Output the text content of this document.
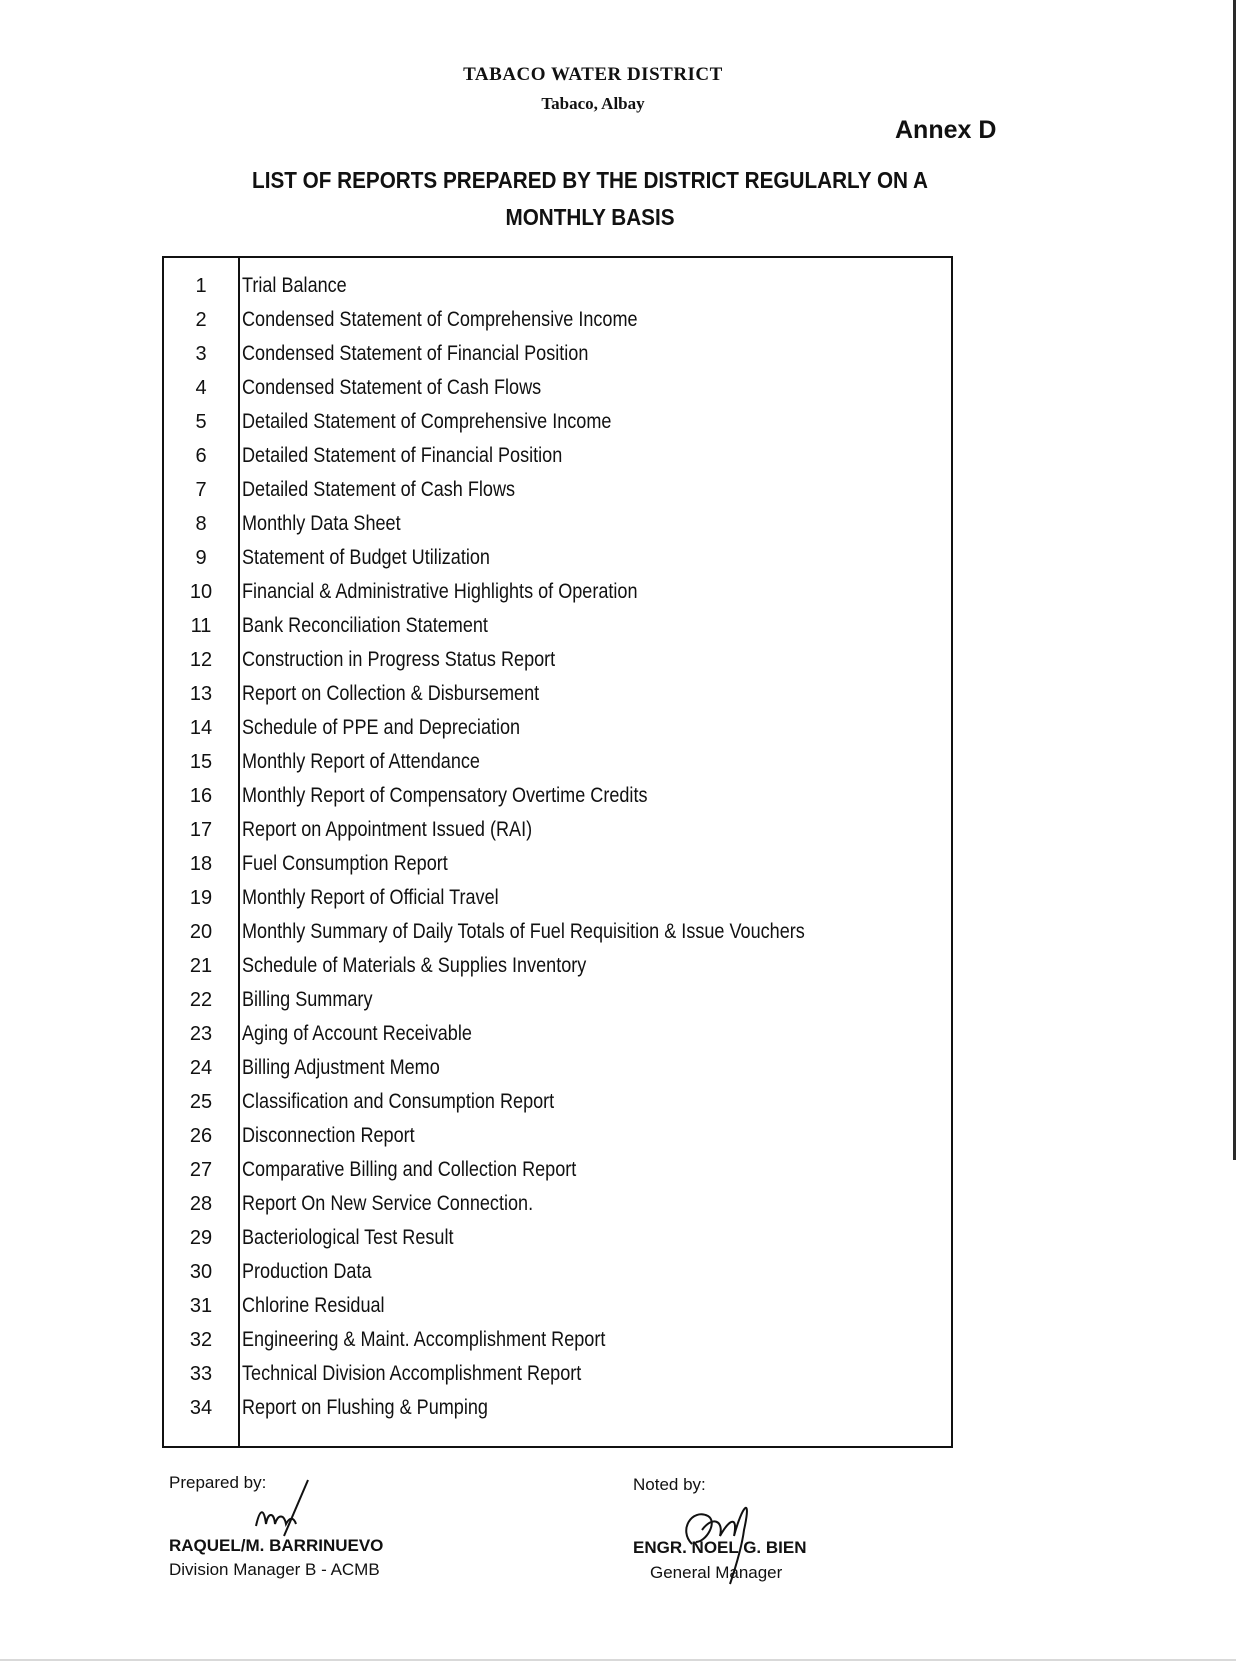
TABACO WATER DISTRICT
Tabaco, Albay
Annex D
LIST OF REPORTS PREPARED BY THE DISTRICT REGULARLY ON A
MONTHLY BASIS
1	Trial Balance
2	Condensed Statement of Comprehensive Income
3	Condensed Statement of Financial Position
4	Condensed Statement of Cash Flows
5	Detailed Statement of Comprehensive Income
6	Detailed Statement of Financial Position
7	Detailed Statement of Cash Flows
8	Monthly Data Sheet
9	Statement of Budget Utilization
10	Financial & Administrative Highlights of Operation
11	Bank Reconciliation Statement
12	Construction in Progress Status Report
13	Report on Collection & Disbursement
14	Schedule of PPE and Depreciation
15	Monthly Report of Attendance
16	Monthly Report of Compensatory Overtime Credits
17	Report on Appointment Issued (RAI)
18	Fuel Consumption Report
19	Monthly Report of Official Travel
20	Monthly Summary of Daily Totals of Fuel Requisition & Issue Vouchers
21	Schedule of Materials & Supplies Inventory
22	Billing Summary
23	Aging of Account Receivable
24	Billing Adjustment Memo
25	Classification and Consumption Report
26	Disconnection Report
27	Comparative Billing and Collection Report
28	Report On New Service Connection.
29	Bacteriological Test Result
30	Production Data
31	Chlorine Residual
32	Engineering & Maint. Accomplishment Report
33	Technical Division Accomplishment Report
34	Report on Flushing & Pumping
Prepared by:
RAQUEL/M. BARRINUEVO
Division Manager B - ACMB
Noted by:
ENGR. NOEL G. BIEN
General Manager
